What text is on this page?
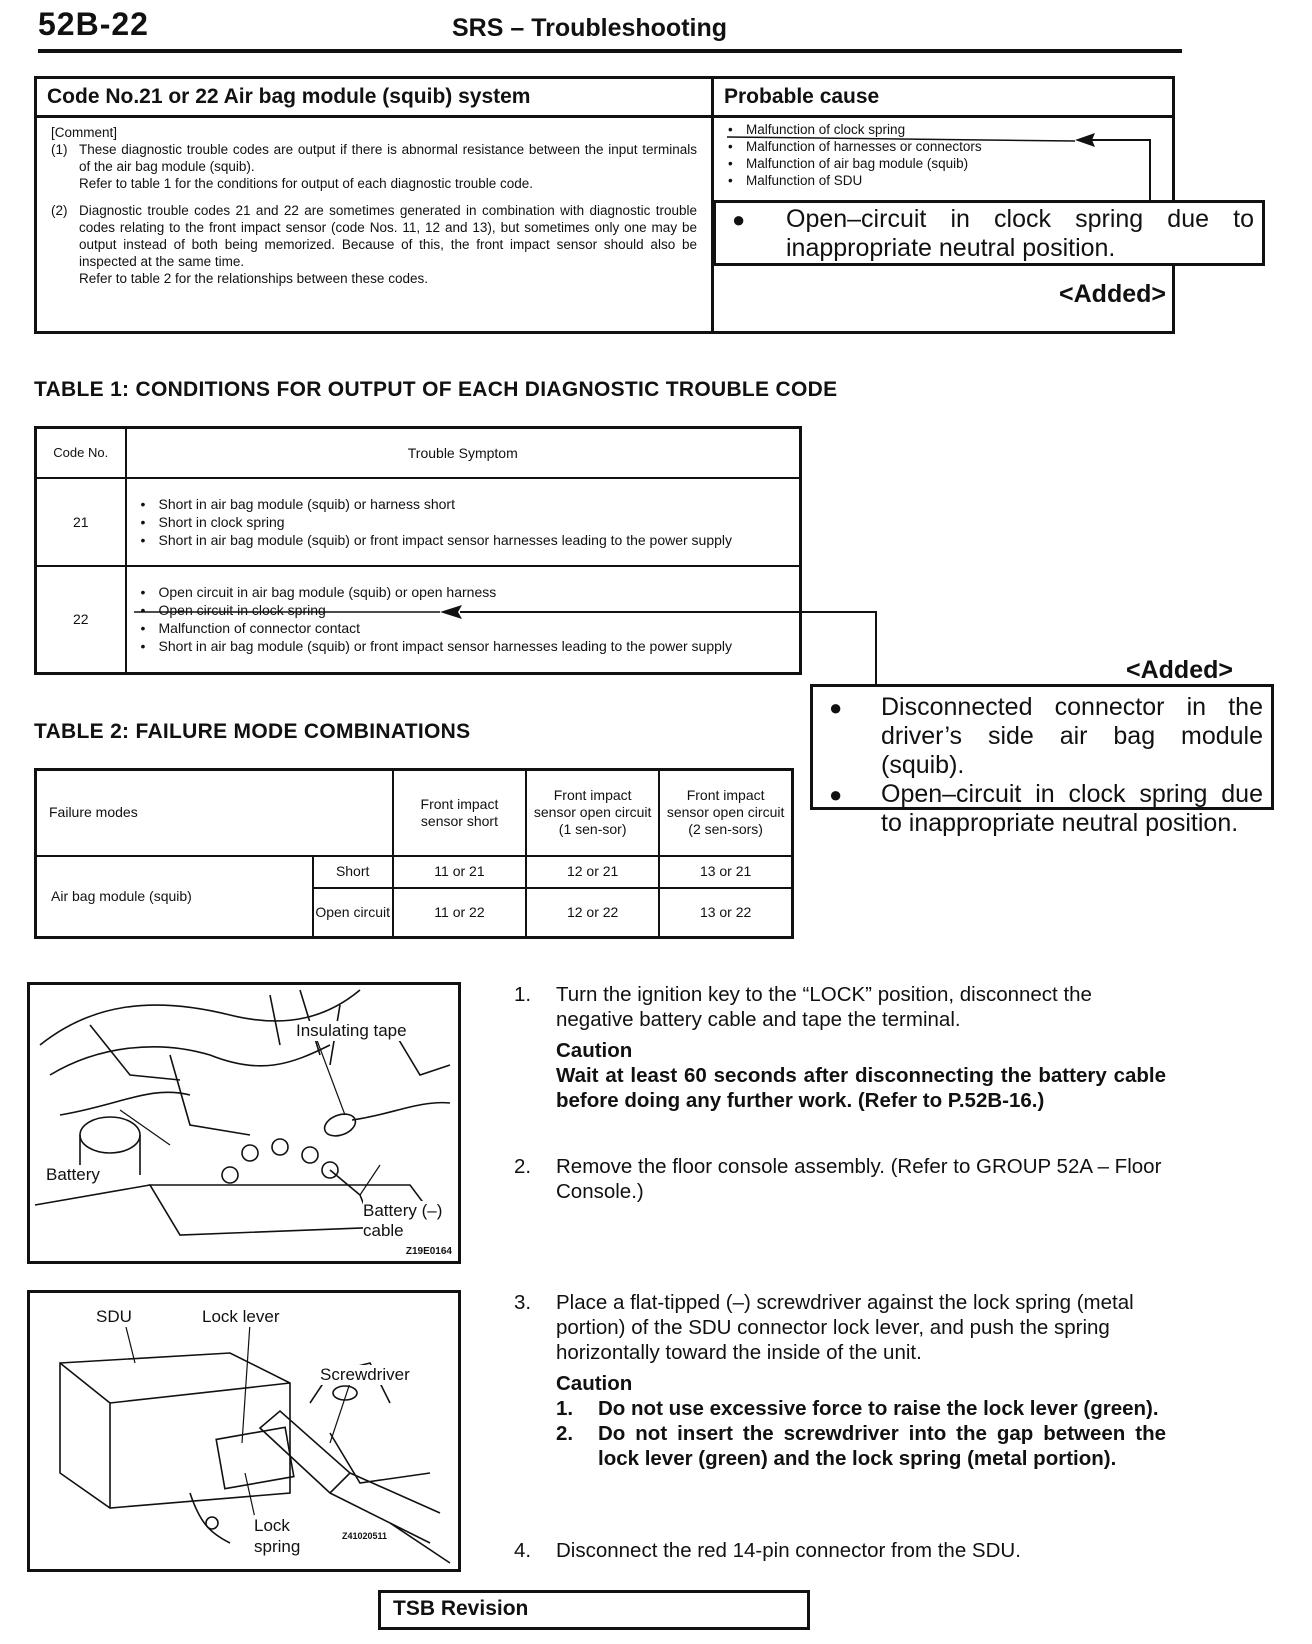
52B-22	SRS – Troubleshooting
Code No.21 or 22 Air bag module (squib) system
[Comment]
(1) These diagnostic trouble codes are output if there is abnormal resistance between the input terminals of the air bag module (squib).
Refer to table 1 for the conditions for output of each diagnostic trouble code.
(2) Diagnostic trouble codes 21 and 22 are sometimes generated in combination with diagnostic trouble codes relating to the front impact sensor (code Nos. 11, 12 and 13), but sometimes only one may be output instead of both being memorized. Because of this, the front impact sensor should also be inspected at the same time.
Refer to table 2 for the relationships between these codes.
Probable cause
• Malfunction of clock spring
• Malfunction of harnesses or connectors
• Malfunction of air bag module (squib)
• Malfunction of SDU
<Added>
● Open–circuit in clock spring due to inappropriate neutral position.
TABLE 1: CONDITIONS FOR OUTPUT OF EACH DIAGNOSTIC TROUBLE CODE
Code No.	Trouble Symptom
21	• Short in air bag module (squib) or harness short
• Short in clock spring
• Short in air bag module (squib) or front impact sensor harnesses leading to the power supply

22	• Open circuit in air bag module (squib) or open harness
• Open circuit in clock spring
• Malfunction of connector contact
• Short in air bag module (squib) or front impact sensor harnesses leading to the power supply
<Added>
● Disconnected connector in the driver’s side air bag module (squib).
● Open–circuit in clock spring due to inappropriate neutral position.
TABLE 2: FAILURE MODE COMBINATIONS
Failure modes		Front impact sensor short	Front impact sensor open circuit (1 sen-sor)	Front impact sensor open circuit (2 sen-sors)
Air bag module (squib)	Short	11 or 21	12 or 21	13 or 21
	Open circuit	11 or 22	12 or 22	13 or 22
Insulating tape
Battery
Battery (–) cable
Z19E0164
SDU	Lock lever
Screwdriver
Lock spring
Z41020511
1. Turn the ignition key to the “LOCK” position, disconnect the negative battery cable and tape the terminal.
Caution
Wait at least 60 seconds after disconnecting the battery cable before doing any further work. (Refer to P.52B-16.)
2. Remove the floor console assembly. (Refer to GROUP 52A – Floor Console.)
3. Place a flat-tipped (–) screwdriver against the lock spring (metal portion) of the SDU connector lock lever, and push the spring horizontally toward the inside of the unit.
Caution
1.	Do not use excessive force to raise the lock lever (green).
2.	Do not insert the screwdriver into the gap between the lock lever (green) and the lock spring (metal portion).
4. Disconnect the red 14-pin connector from the SDU.
TSB Revision
